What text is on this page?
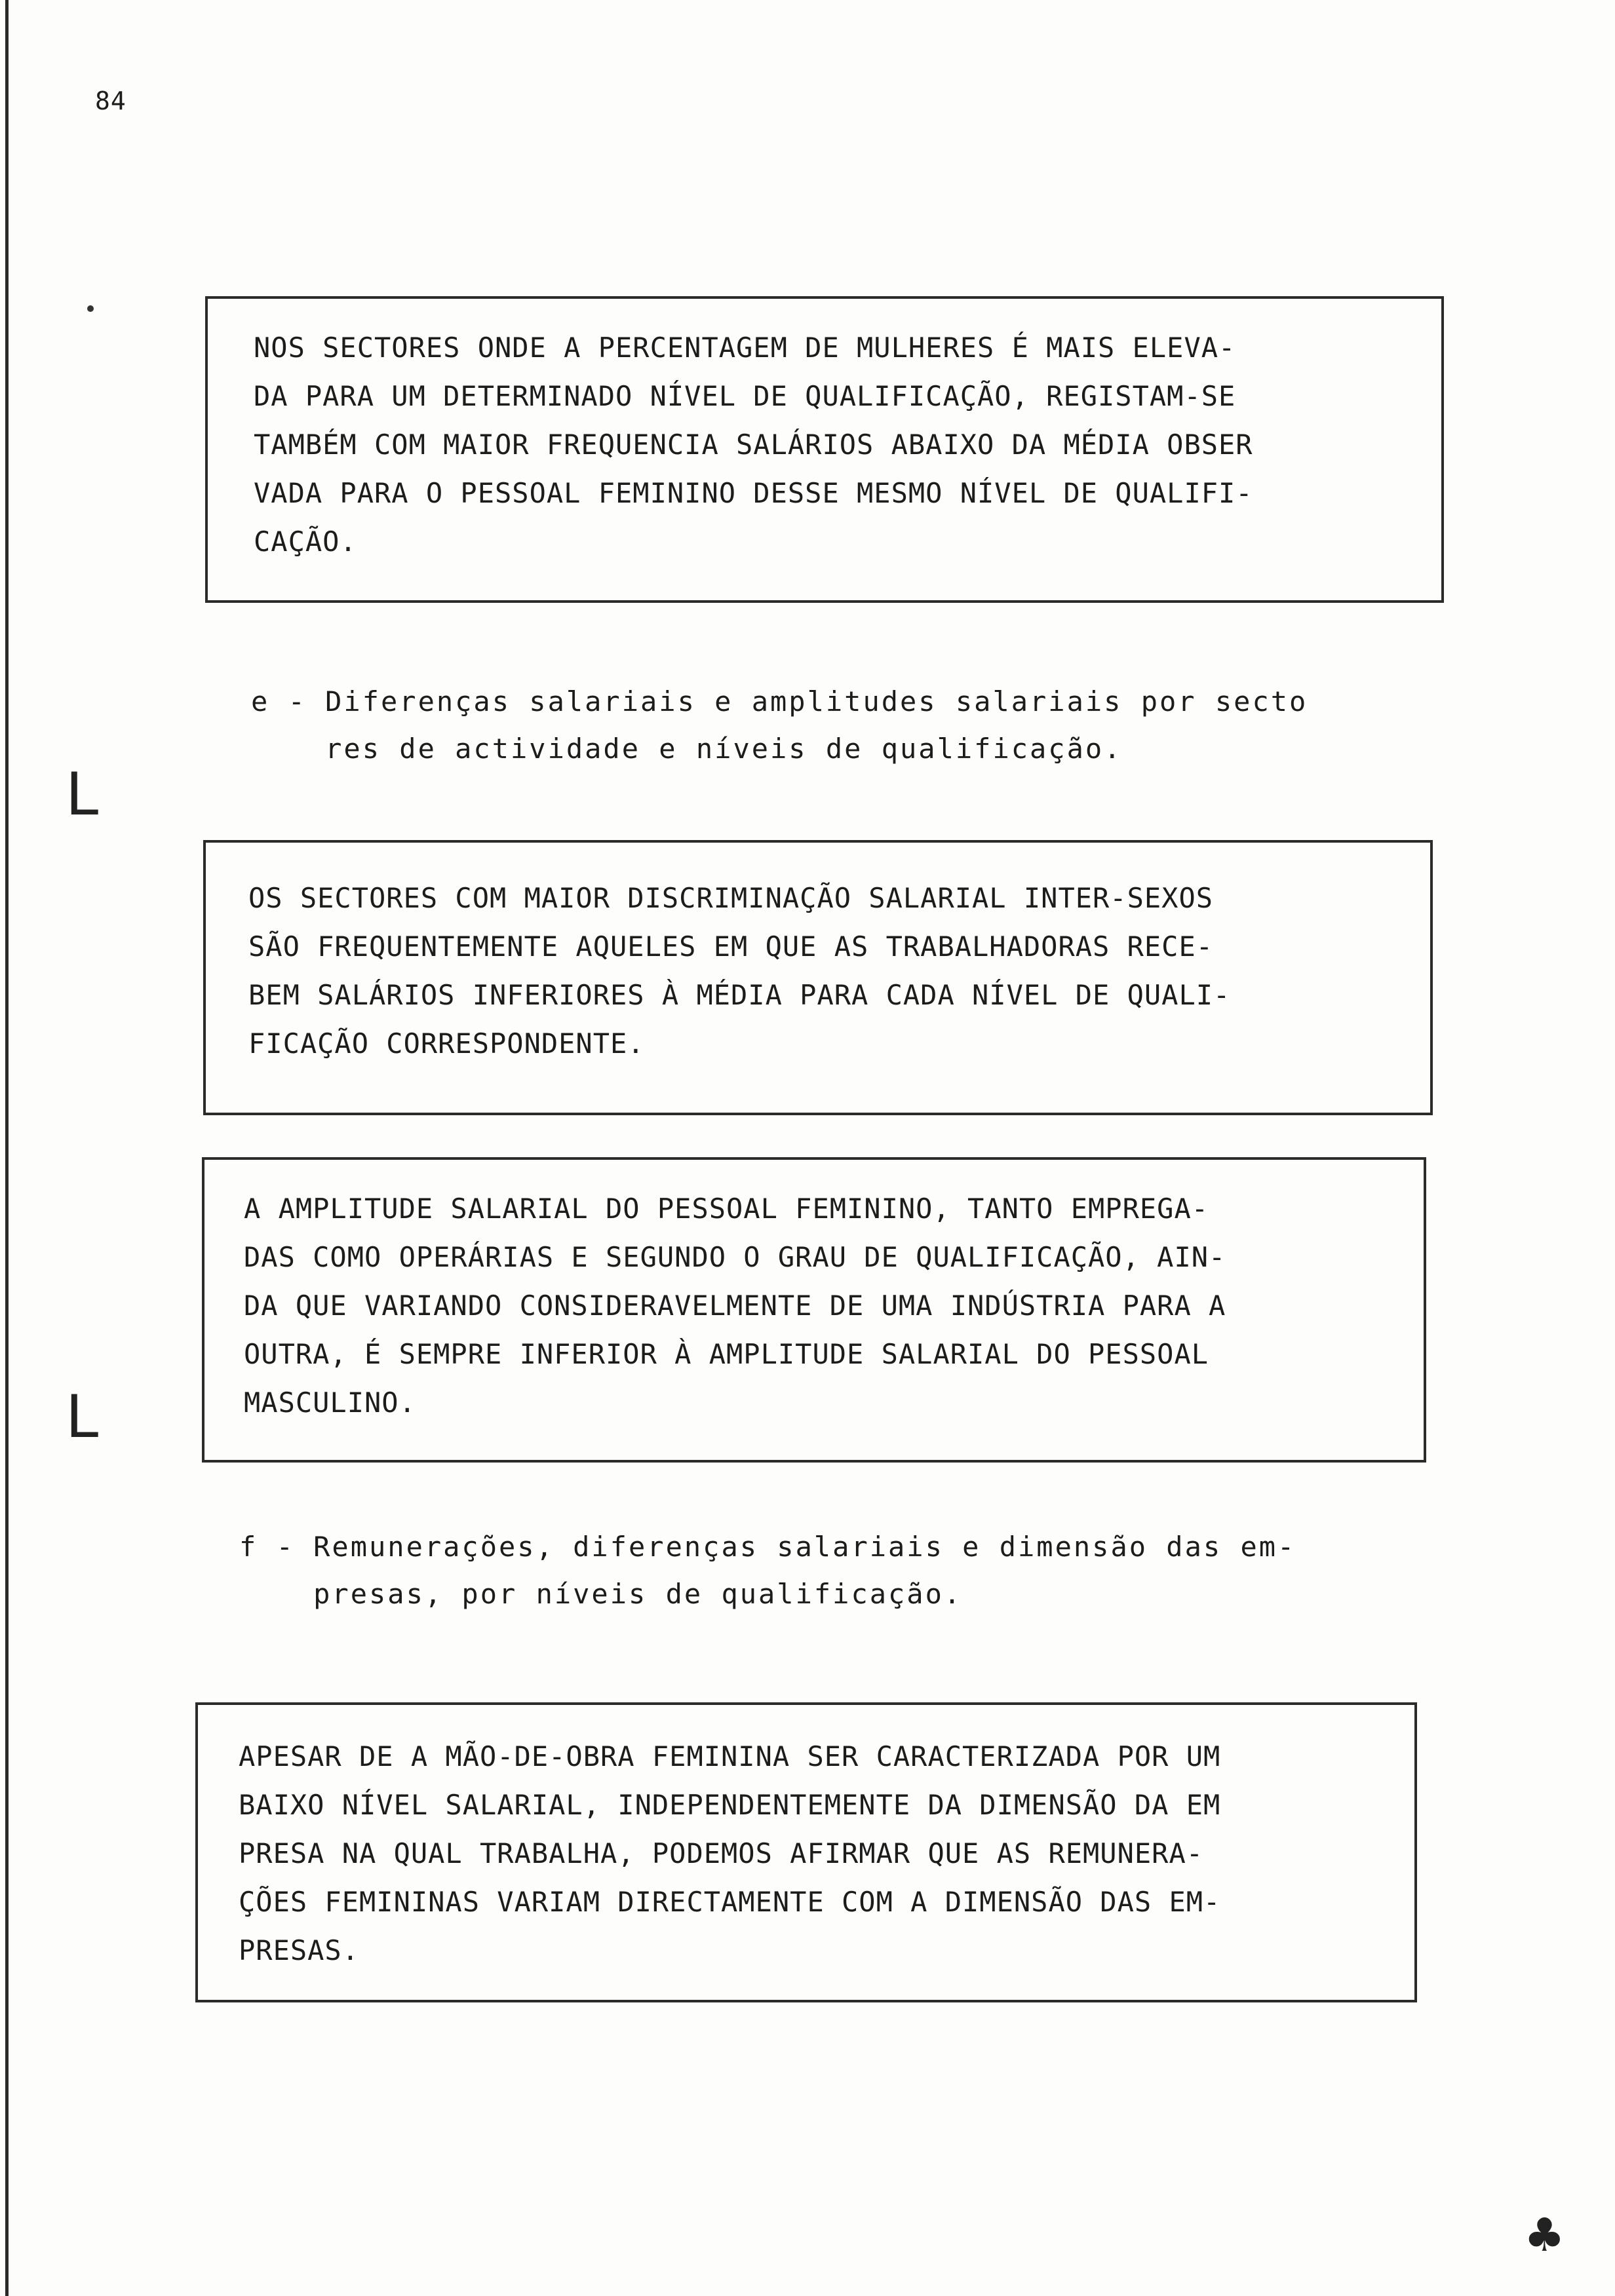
84
NOS SECTORES ONDE A PERCENTAGEM DE MULHERES É MAIS ELEVA-
DA PARA UM DETERMINADO NÍVEL DE QUALIFICAÇÃO, REGISTAM-SE
TAMBÉM COM MAIOR FREQUENCIA SALÁRIOS ABAIXO DA MÉDIA OBSER
VADA PARA O PESSOAL FEMININO DESSE MESMO NÍVEL DE QUALIFI-
CAÇÃO.
e - Diferenças salariais e amplitudes salariais por secto
res de actividade e níveis de qualificação.
ᒪ
OS SECTORES COM MAIOR DISCRIMINAÇÃO SALARIAL INTER-SEXOS
SÃO FREQUENTEMENTE AQUELES EM QUE AS TRABALHADORAS RECE-
BEM SALÁRIOS INFERIORES À MÉDIA PARA CADA NÍVEL DE QUALI-
FICAÇÃO CORRESPONDENTE.
A AMPLITUDE SALARIAL DO PESSOAL FEMININO, TANTO EMPREGA-
DAS COMO OPERÁRIAS E SEGUNDO O GRAU DE QUALIFICAÇÃO, AIN-
DA QUE VARIANDO CONSIDERAVELMENTE DE UMA INDÚSTRIA PARA A
OUTRA, É SEMPRE INFERIOR À AMPLITUDE SALARIAL DO PESSOAL
MASCULINO.
ᒪ
f - Remunerações, diferenças salariais e dimensão das em-
presas, por níveis de qualificação.
APESAR DE A MÃO-DE-OBRA FEMININA SER CARACTERIZADA POR UM
BAIXO NÍVEL SALARIAL, INDEPENDENTEMENTE DA DIMENSÃO DA EM
PRESA NA QUAL TRABALHA, PODEMOS AFIRMAR QUE AS REMUNERA-
ÇÕES FEMININAS VARIAM DIRECTAMENTE COM A DIMENSÃO DAS EM-
PRESAS.
♣
